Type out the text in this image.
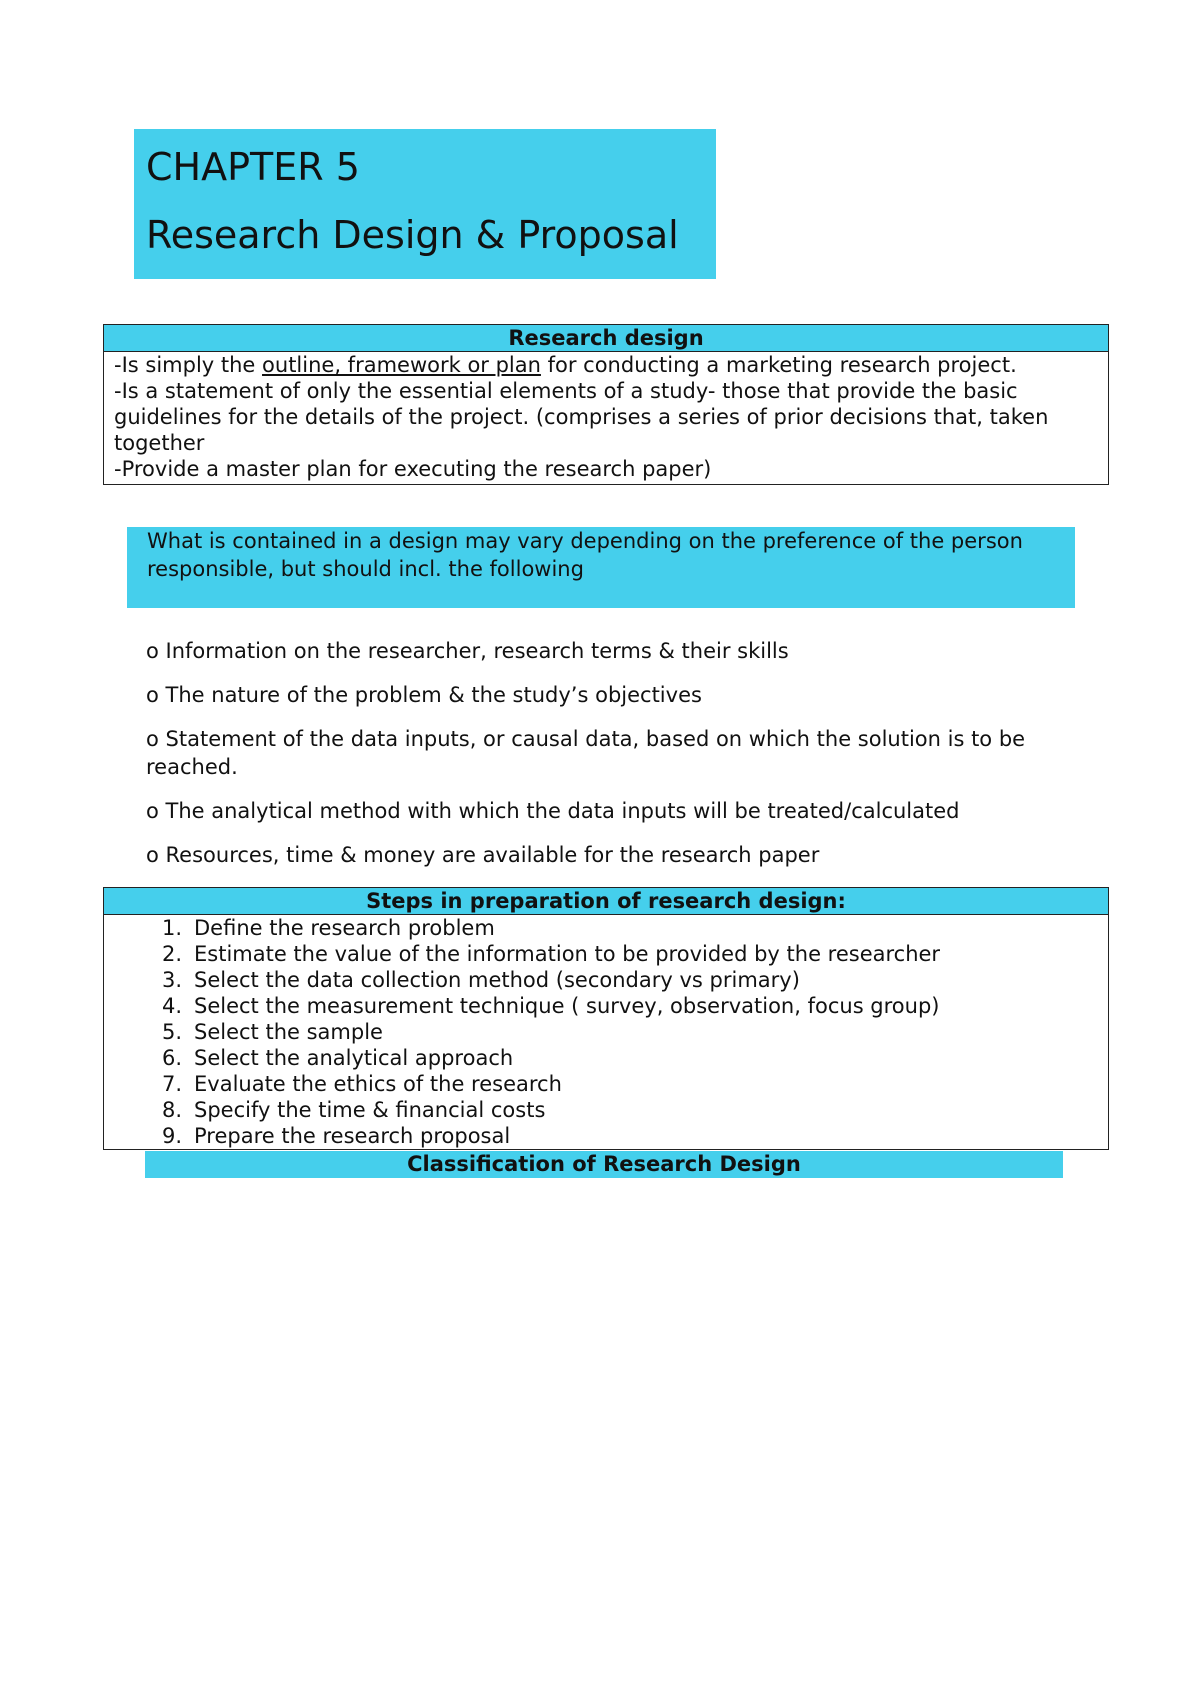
CHAPTER 5
Research Design & Proposal
Research design

-Is simply the outline, framework or plan for conducting a marketing research project.

-Is a statement of only the essential elements of a study- those that provide the basic guidelines for the details of the project. (comprises a series of prior decisions that, taken together

-Provide a master plan for executing the research paper)

What is contained in a design may vary depending on the preference of the person responsible, but should incl. the following

o Information on the researcher, research terms & their skills

o The nature of the problem & the study’s objectives

o Statement of the data inputs, or causal data, based on which the solution is to be reached.

o The analytical method with which the data inputs will be treated/calculated

o Resources, time & money are available for the research paper

Steps in preparation of research design:
1. Define the research problem
2. Estimate the value of the information to be provided by the researcher
3. Select the data collection method (secondary vs primary)
4. Select the measurement technique ( survey, observation, focus group)
5. Select the sample
6. Select the analytical approach
7. Evaluate the ethics of the research
8. Specify the time & financial costs
9. Prepare the research proposal
Classification of Research Design
